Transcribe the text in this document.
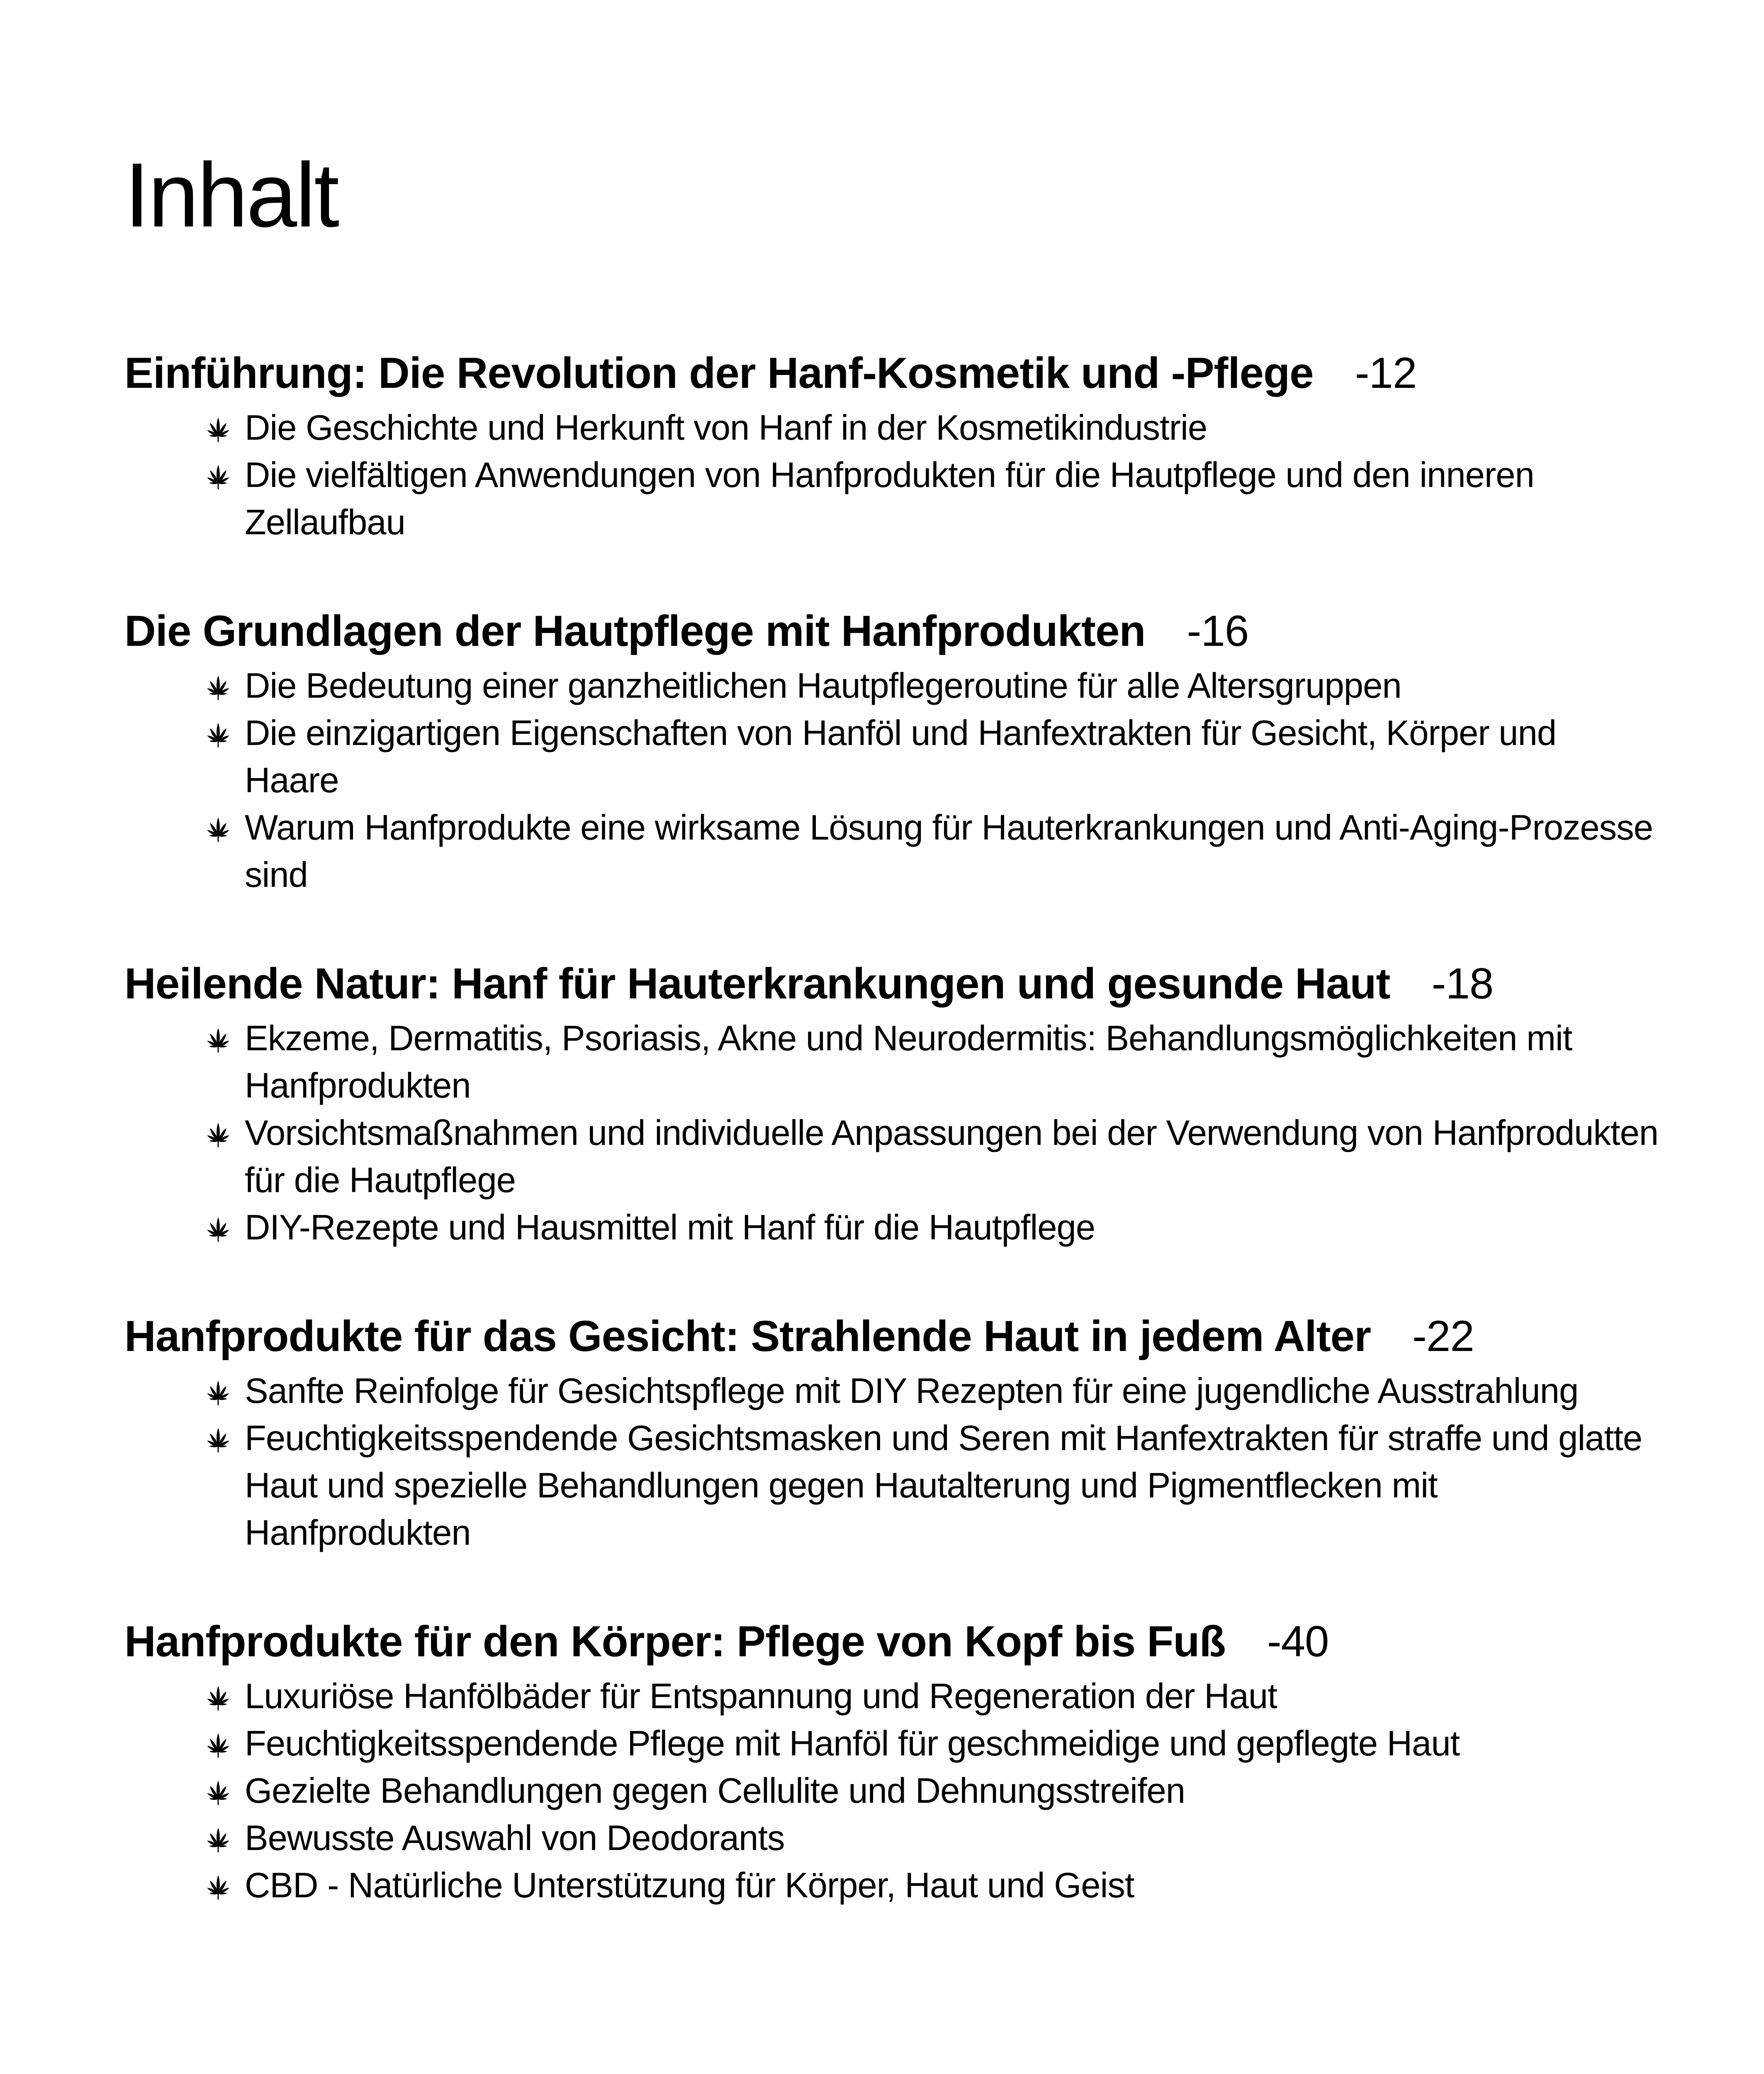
Inhalt
Einführung: Die Revolution der Hanf-Kosmetik und -Pflege -12
Die Geschichte und Herkunft von Hanf in der Kosmetikindustrie
Die vielfältigen Anwendungen von Hanfprodukten für die Hautpflege und den inneren Zellaufbau
Die Grundlagen der Hautpflege mit Hanfprodukten -16
Die Bedeutung einer ganzheitlichen Hautpflegeroutine für alle Altersgruppen
Die einzigartigen Eigenschaften von Hanföl und Hanfextrakten für Gesicht, Körper und Haare
Warum Hanfprodukte eine wirksame Lösung für Hauterkrankungen und Anti-Aging-Prozesse sind
Heilende Natur: Hanf für Hauterkrankungen und gesunde Haut -18
Ekzeme, Dermatitis, Psoriasis, Akne und Neurodermitis: Behandlungsmöglichkeiten mit Hanfprodukten
Vorsichtsmaßnahmen und individuelle Anpassungen bei der Verwendung von Hanfprodukten für die Hautpflege
DIY-Rezepte und Hausmittel mit Hanf für die Hautpflege
Hanfprodukte für das Gesicht: Strahlende Haut in jedem Alter -22
Sanfte Reinfolge für Gesichtspflege mit DIY Rezepten für eine jugendliche Ausstrahlung
Feuchtigkeitsspendende Gesichtsmasken und Seren mit Hanfextrakten für straffe und glatte Haut und spezielle Behandlungen gegen Hautalterung und Pigmentflecken mit Hanfprodukten
Hanfprodukte für den Körper: Pflege von Kopf bis Fuß -40
Luxuriöse Hanfölbäder für Entspannung und Regeneration der Haut
Feuchtigkeitsspendende Pflege mit Hanföl für geschmeidige und gepflegte Haut
Gezielte Behandlungen gegen Cellulite und Dehnungsstreifen
Bewusste Auswahl von Deodorants
CBD - Natürliche Unterstützung für Körper, Haut und Geist
